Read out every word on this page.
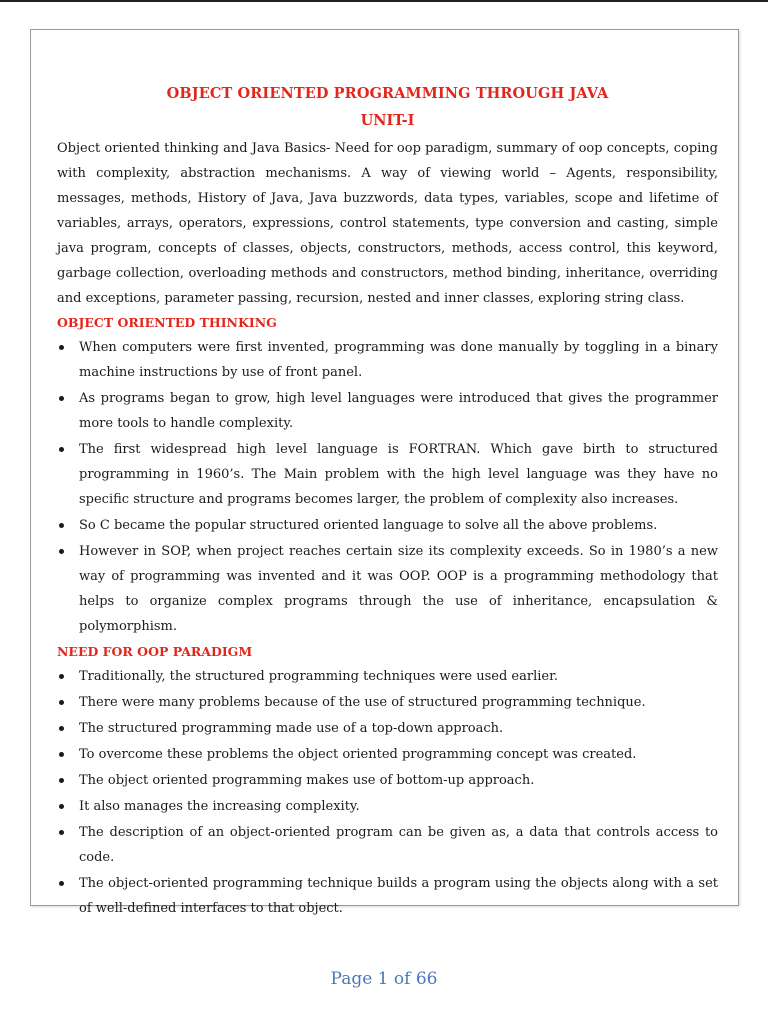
OBJECT ORIENTED PROGRAMMING THROUGH JAVA
UNIT-I

Object oriented thinking and Java Basics- Need for oop paradigm, summary of oop concepts, coping with complexity, abstraction mechanisms. A way of viewing world – Agents, responsibility, messages, methods, History of Java, Java buzzwords, data types, variables, scope and lifetime of variables, arrays, operators, expressions, control statements, type conversion and casting, simple java program, concepts of classes, objects, constructors, methods, access control, this keyword, garbage collection, overloading methods and constructors, method binding, inheritance, overriding and exceptions, parameter passing, recursion, nested and inner classes, exploring string class.

OBJECT ORIENTED THINKING
When computers were first invented, programming was done manually by toggling in a binary machine instructions by use of front panel.
As programs began to grow, high level languages were introduced that gives the programmer more tools to handle complexity.
The first widespread high level language is FORTRAN. Which gave birth to structured programming in 1960’s. The Main problem with the high level language was they have no specific structure and programs becomes larger, the problem of complexity also increases.
So C became the popular structured oriented language to solve all the above problems.
However in SOP, when project reaches certain size its complexity exceeds. So in 1980’s a new way of programming was invented and it was OOP. OOP is a programming methodology that helps to organize complex programs through the use of inheritance, encapsulation & polymorphism.
NEED FOR OOP PARADIGM
Traditionally, the structured programming techniques were used earlier.
There were many problems because of the use of structured programming technique.
The structured programming made use of a top-down approach.
To overcome these problems the object oriented programming concept was created.
The object oriented programming makes use of bottom-up approach.
It also manages the increasing complexity.
The description of an object-oriented program can be given as, a data that controls access to code.
The object-oriented programming technique builds a program using the objects along with a set of well-defined interfaces to that object.
Page 1 of 66
